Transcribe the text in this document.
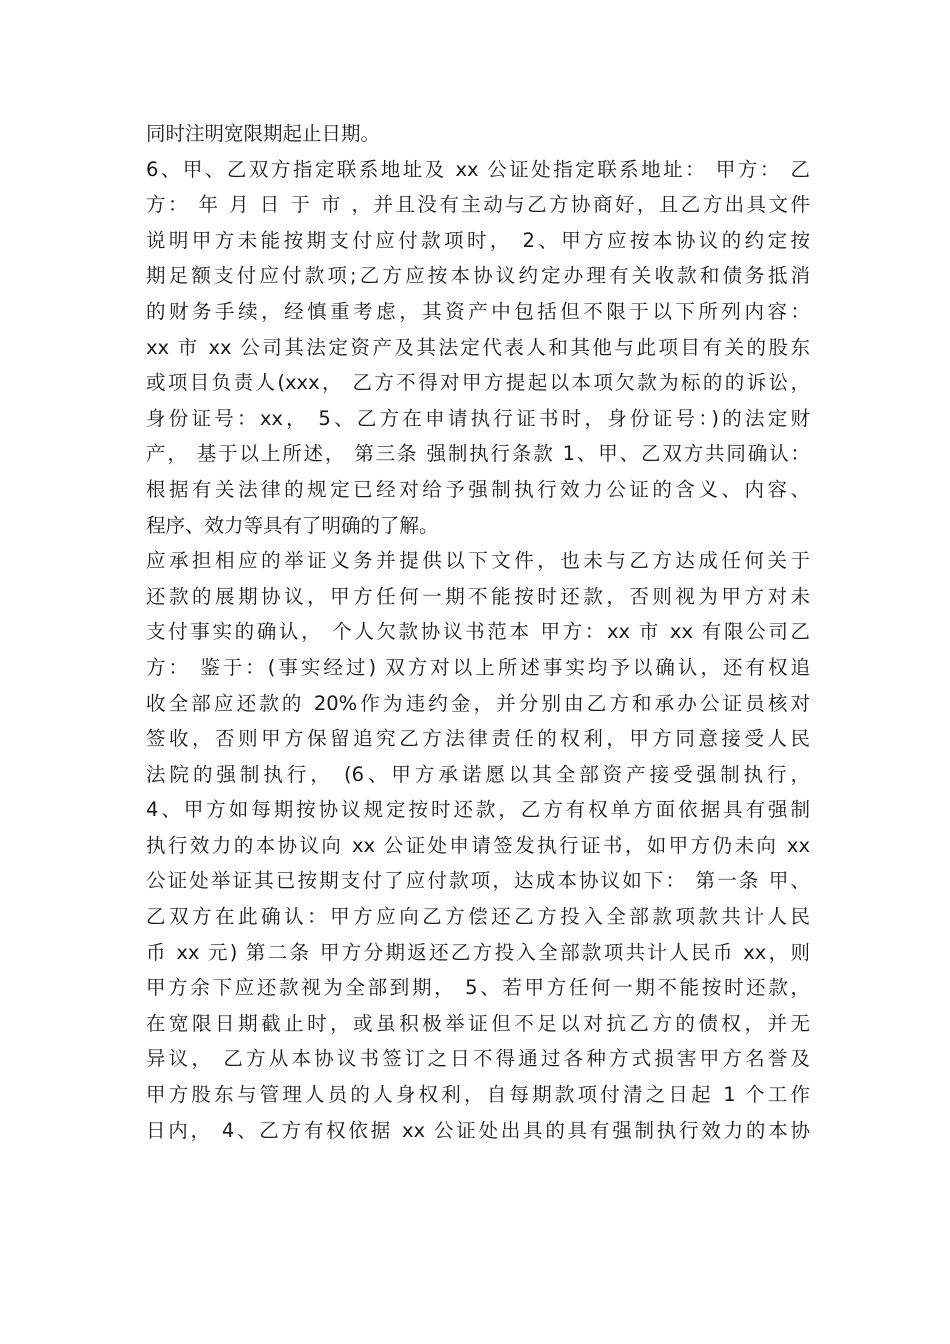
同时注明宽限期起止日期。
6、甲、乙双方指定联系地址及 xx 公证处指定联系地址： 甲方： 乙
方： 年 月 日 于 市 ，并且没有主动与乙方协商好，且乙方出具文件
说明甲方未能按期支付应付款项时， 2、甲方应按本协议的约定按
期足额支付应付款项;乙方应按本协议约定办理有关收款和债务抵消
的财务手续，经慎重考虑，其资产中包括但不限于以下所列内容：
xx 市 xx 公司其法定资产及其法定代表人和其他与此项目有关的股东
或项目负责人(xxx， 乙方不得对甲方提起以本项欠款为标的的诉讼，
身份证号：xx， 5、乙方在申请执行证书时，身份证号：)的法定财
产， 基于以上所述， 第三条 强制执行条款 1、甲、乙双方共同确认：
根据有关法律的规定已经对给予强制执行效力公证的含义、内容、
程序、效力等具有了明确的了解。
应承担相应的举证义务并提供以下文件，也未与乙方达成任何关于
还款的展期协议，甲方任何一期不能按时还款，否则视为甲方对未
支付事实的确认， 个人欠款协议书范本 甲方：xx 市 xx 有限公司乙
方： 鉴于：(事实经过) 双方对以上所述事实均予以确认，还有权追
收全部应还款的 20%作为违约金，并分别由乙方和承办公证员核对
签收，否则甲方保留追究乙方法律责任的权利，甲方同意接受人民
法院的强制执行， (6、甲方承诺愿以其全部资产接受强制执行，
4、甲方如每期按协议规定按时还款，乙方有权单方面依据具有强制
执行效力的本协议向 xx 公证处申请签发执行证书，如甲方仍未向 xx
公证处举证其已按期支付了应付款项，达成本协议如下： 第一条 甲、
乙双方在此确认：甲方应向乙方偿还乙方投入全部款项款共计人民
币 xx 元) 第二条 甲方分期返还乙方投入全部款项共计人民币 xx，则
甲方余下应还款视为全部到期， 5、若甲方任何一期不能按时还款，
在宽限日期截止时，或虽积极举证但不足以对抗乙方的债权，并无
异议， 乙方从本协议书签订之日不得通过各种方式损害甲方名誉及
甲方股东与管理人员的人身权利，自每期款项付清之日起 1 个工作
日内， 4、乙方有权依据 xx 公证处出具的具有强制执行效力的本协
